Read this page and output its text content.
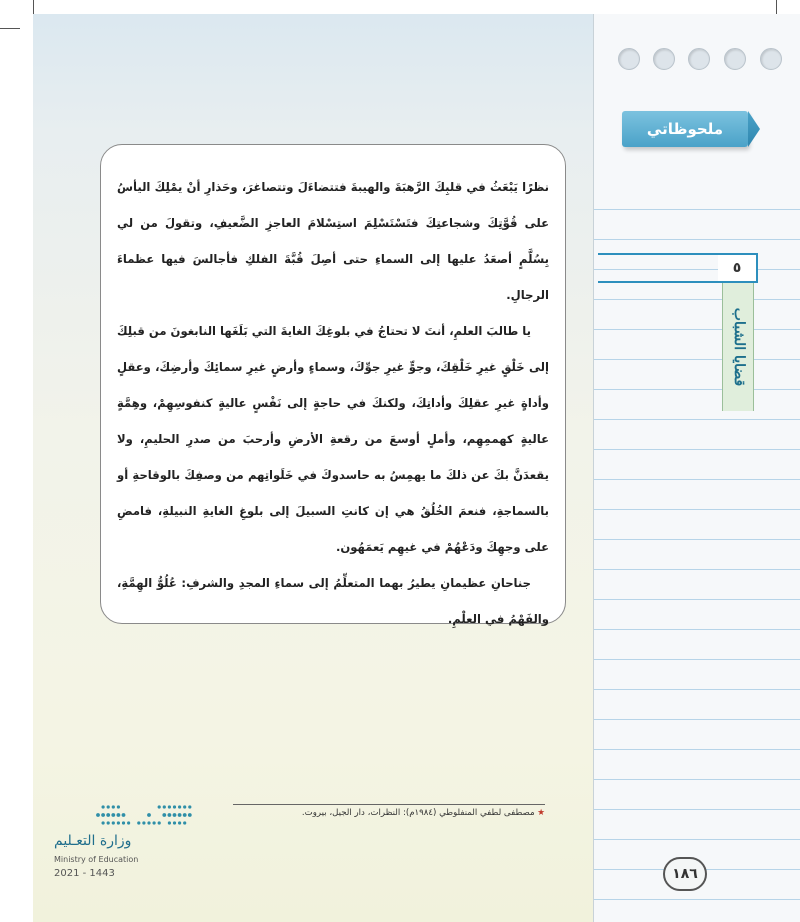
ملحوظاتي
٥
قضايا الشباب

نظرًا يَبْعَثُ في قلبِكَ الرَّهبَةَ والهيبةَ فتتضاءَلَ وتتصاغرَ، وحَذارِ أنْ يمْلِكَ اليأسُ على قُوَّتِكَ وشجاعتِكَ فتَسْتَسْلِمَ استِسْلامَ العاجزِ الضَّعيفِ، وتقولَ من لي بِسُلَّمٍ أصعَدُ عليها إلى السماءِ حتى أصِلَ قُبَّةَ الفلكِ فأجالسَ فيها عظماءَ الرجالِ.

يا طالبَ العلمِ، أنتَ لا تحتاجُ في بلوغِكَ الغايةَ التي بَلَغَها النابغونَ من قبلِكَ إلى خَلْقٍ غيرِ خَلْقِكَ، وجوٍّ غيرِ جوِّكَ، وسماءٍ وأرضٍ غيرِ سمائِكَ وأرضِكَ، وعقلٍ وأداةٍ غيرِ عقلِكَ وأداتِكَ، ولكنكَ في حاجةٍ إلى نَفْسٍ عاليةٍ كنفوسِهِمْ، وهِمَّةٍ عاليةٍ كهممِهِم، وأملٍ أوسعَ من رقعةِ الأرضِ وأرحبَ من صدرِ الحليمِ، ولا يقعدَنَّ بكَ عن ذلكَ ما يهمِسُ به حاسدوكَ في خَلَواتِهم من وصفِكَ بالوقاحةِ أو بالسماجةِ، فنعمَ الخُلُقُ هي إن كانتِ السبيلَ إلى بلوغِ الغايةِ النبيلةِ، فامضِ على وجهِكَ ودَعْهُمْ في غيهِم يَعمَهُون.

جناحانِ عظيمانِ يطيرُ بهما المتعلِّمُ إلى سماءِ المجدِ والشرفِ: عُلُوُّ الهِمَّةِ، والفَهْمُ في العلْمِ.

★ مصطفى لطفي المنفلوطي (١٩٨٤م): النظرات، دار الجيل، بيروت.
وزارة التعـليم
Ministry of Education
2021 - 1443	١٨٦
